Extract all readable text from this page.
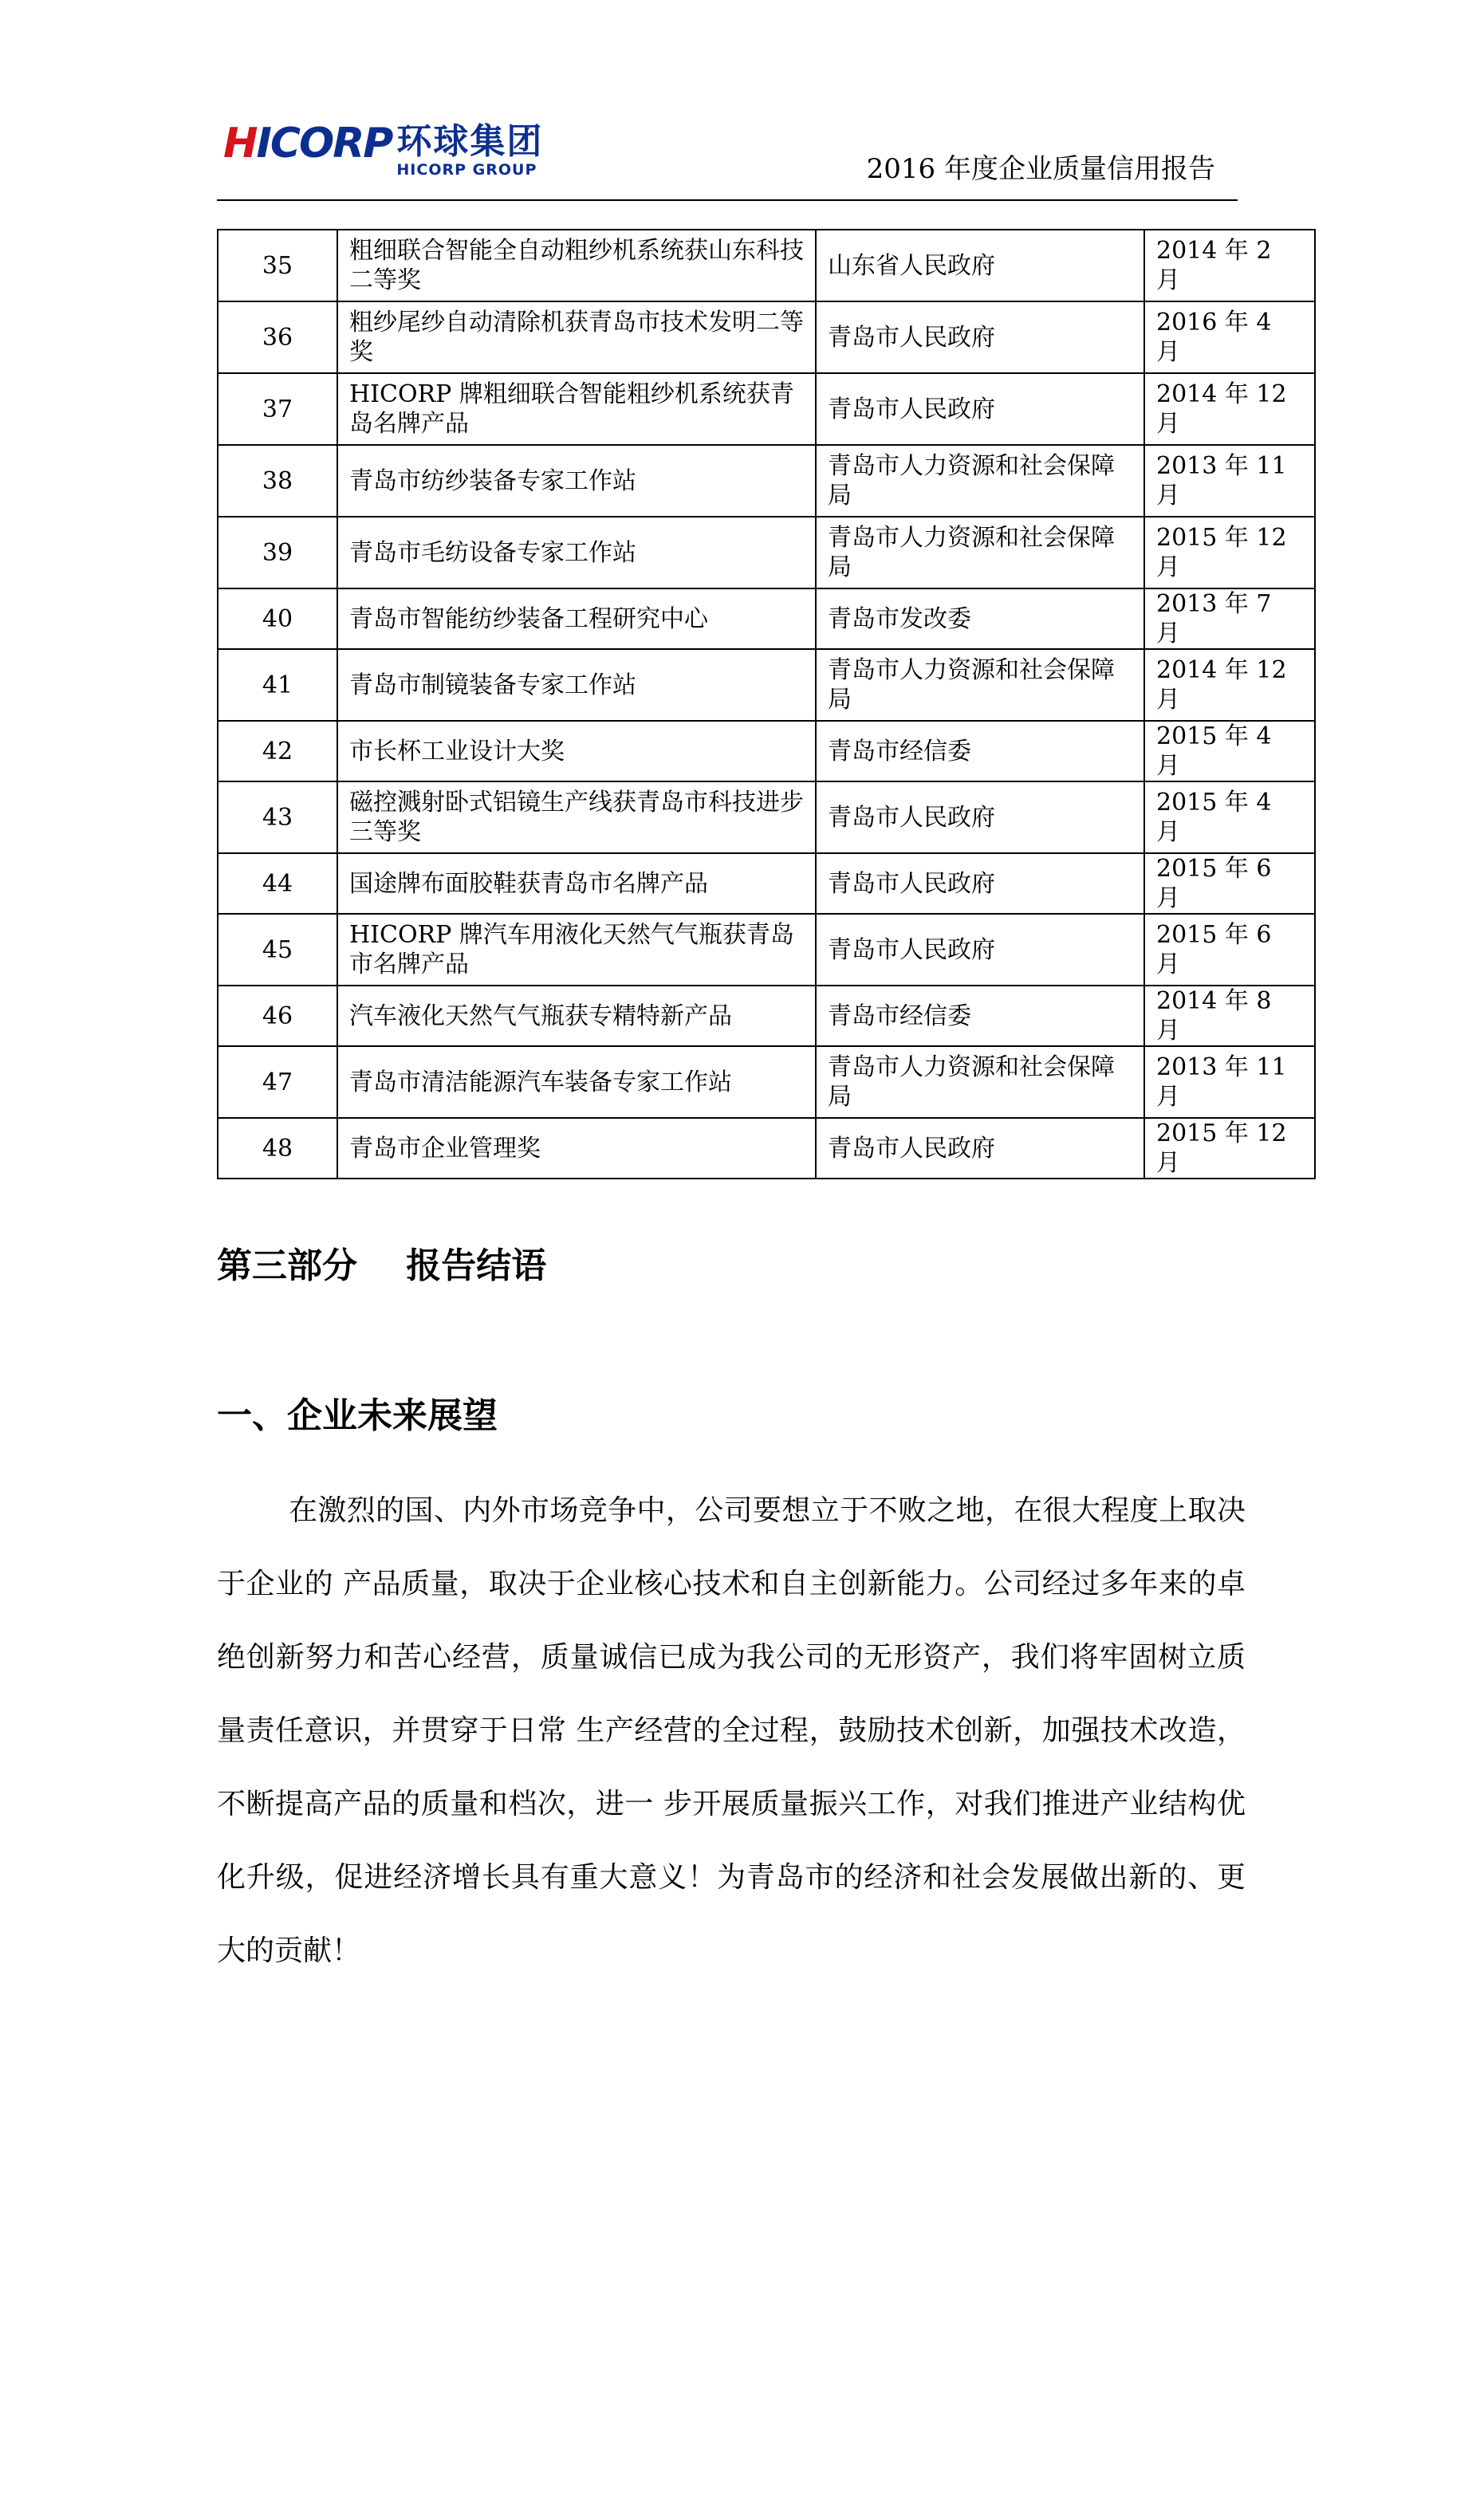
HICORP 环球集团
HICORP GROUP	2016 年度企业质量信用报告
35	粗细联合智能全自动粗纱机系统获山东科技二等奖	山东省人民政府	2014 年 2 月
36	粗纱尾纱自动清除机获青岛市技术发明二等奖	青岛市人民政府	2016 年 4 月
37	HICORP 牌粗细联合智能粗纱机系统获青岛名牌产品	青岛市人民政府	2014 年 12 月
38	青岛市纺纱装备专家工作站	青岛市人力资源和社会保障局	2013 年 11 月
39	青岛市毛纺设备专家工作站	青岛市人力资源和社会保障局	2015 年 12 月
40	青岛市智能纺纱装备工程研究中心	青岛市发改委	2013 年 7 月
41	青岛市制镜装备专家工作站	青岛市人力资源和社会保障局	2014 年 12 月
42	市长杯工业设计大奖	青岛市经信委	2015 年 4 月
43	磁控溅射卧式铝镜生产线获青岛市科技进步三等奖	青岛市人民政府	2015 年 4 月
44	国途牌布面胶鞋获青岛市名牌产品	青岛市人民政府	2015 年 6 月
45	HICORP 牌汽车用液化天然气气瓶获青岛市名牌产品	青岛市人民政府	2015 年 6 月
46	汽车液化天然气气瓶获专精特新产品	青岛市经信委	2014 年 8 月
47	青岛市清洁能源汽车装备专家工作站	青岛市人力资源和社会保障局	2013 年 11 月
48	青岛市企业管理奖	青岛市人民政府	2015 年 12 月
第三部分    报告结语
一、企业未来展望

在激烈的国、内外市场竞争中，公司要想立于不败之地，在很大程度上取决于企业的 产品质量，取决于企业核心技术和自主创新能力。公司经过多年来的卓绝创新努力和苦心经营，质量诚信已成为我公司的无形资产，我们将牢固树立质量责任意识，并贯穿于日常 生产经营的全过程，鼓励技术创新，加强技术改造，不断提高产品的质量和档次，进一 步开展质量振兴工作，对我们推进产业结构优化升级，促进经济增长具有重大意义！为青岛市的经济和社会发展做出新的、更大的贡献！
